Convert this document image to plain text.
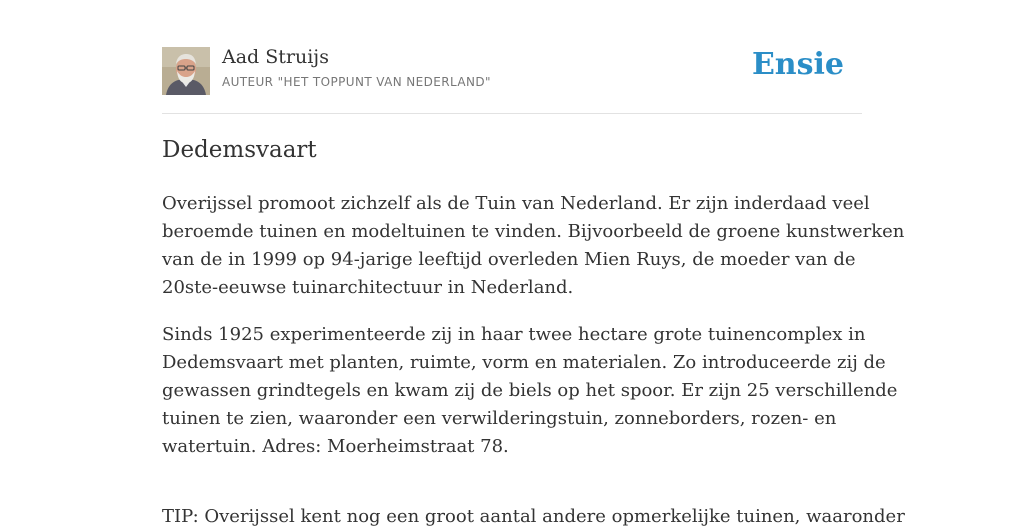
Aad Struijs
AUTEUR "HET TOPPUNT VAN NEDERLAND"	Ensie
Dedemsvaart

Overijssel promoot zichzelf als de Tuin van Nederland. Er zijn inderdaad veel
beroemde tuinen en modeltuinen te vinden. Bijvoorbeeld de groene kunstwerken
van de in 1999 op 94-jarige leeftijd overleden Mien Ruys, de moeder van de
20ste-eeuwse tuinarchitectuur in Nederland.

Sinds 1925 experimenteerde zij in haar twee hectare grote tuinencomplex in
Dedemsvaart met planten, ruimte, vorm en materialen. Zo introduceerde zij de
gewassen grindtegels en kwam zij de biels op het spoor. Er zijn 25 verschillende
tuinen te zien, waaronder een verwilderingstuin, zonneborders, rozen- en
watertuin. Adres: Moerheimstraat 78.

TIP: Overijssel kent nog een groot aantal andere opmerkelijke tuinen, waaronder
